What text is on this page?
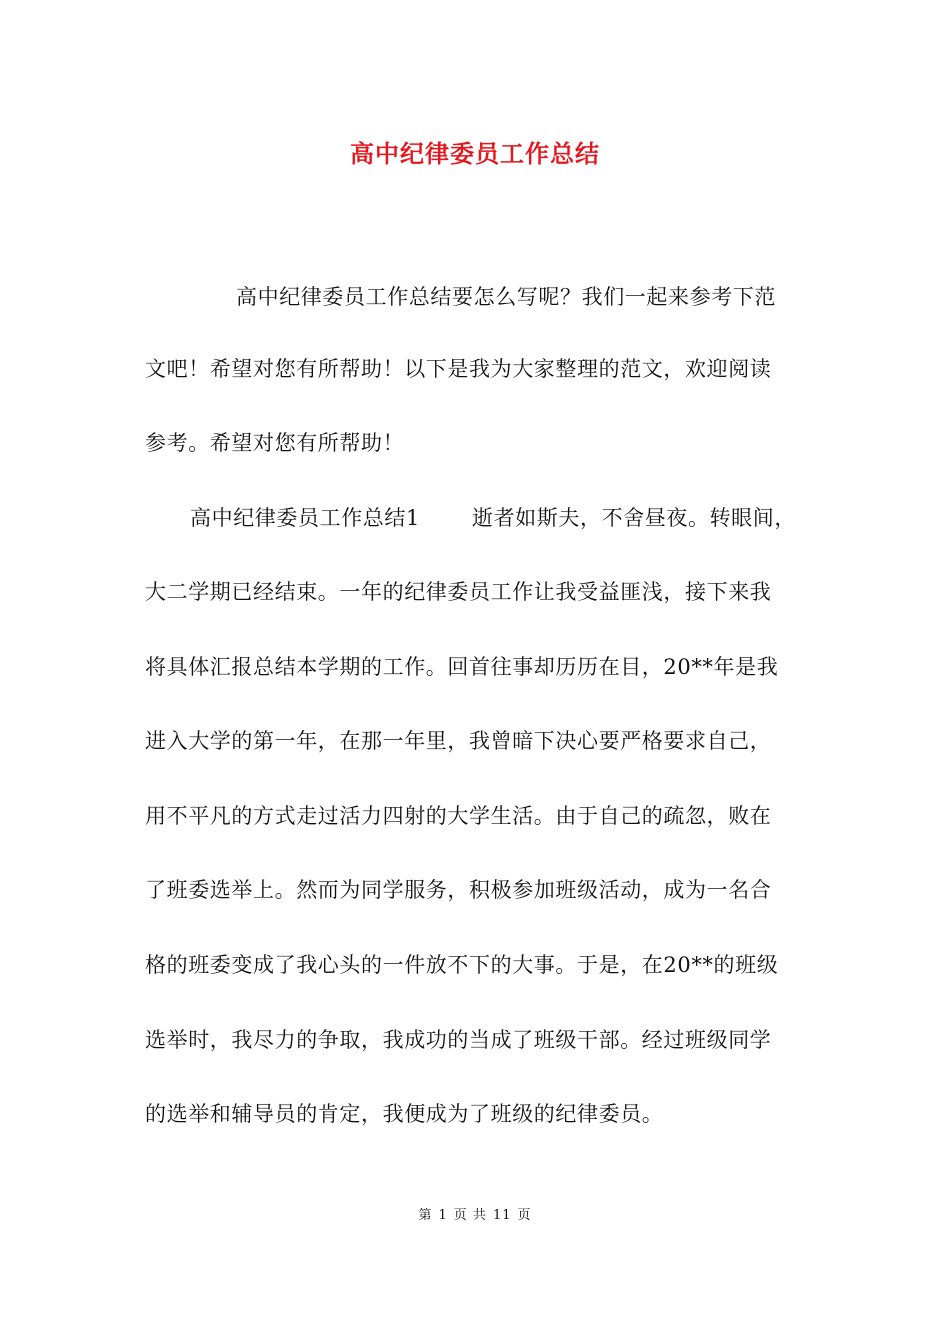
高中纪律委员工作总结
高中纪律委员工作总结要怎么写呢？我们一起来参考下范
文吧！希望对您有所帮助！以下是我为大家整理的范文，欢迎阅读
参考。希望对您有所帮助！
高中纪律委员工作总结1 逝者如斯夫，不舍昼夜。转眼间，
大二学期已经结束。一年的纪律委员工作让我受益匪浅，接下来我
将具体汇报总结本学期的工作。回首往事却历历在目，20**年是我
进入大学的第一年，在那一年里，我曾暗下决心要严格要求自己，
用不平凡的方式走过活力四射的大学生活。由于自己的疏忽，败在
了班委选举上。然而为同学服务，积极参加班级活动，成为一名合
格的班委变成了我心头的一件放不下的大事。于是，在20**的班级
选举时，我尽力的争取，我成功的当成了班级干部。经过班级同学
的选举和辅导员的肯定，我便成为了班级的纪律委员。
第 1 页 共 11 页
